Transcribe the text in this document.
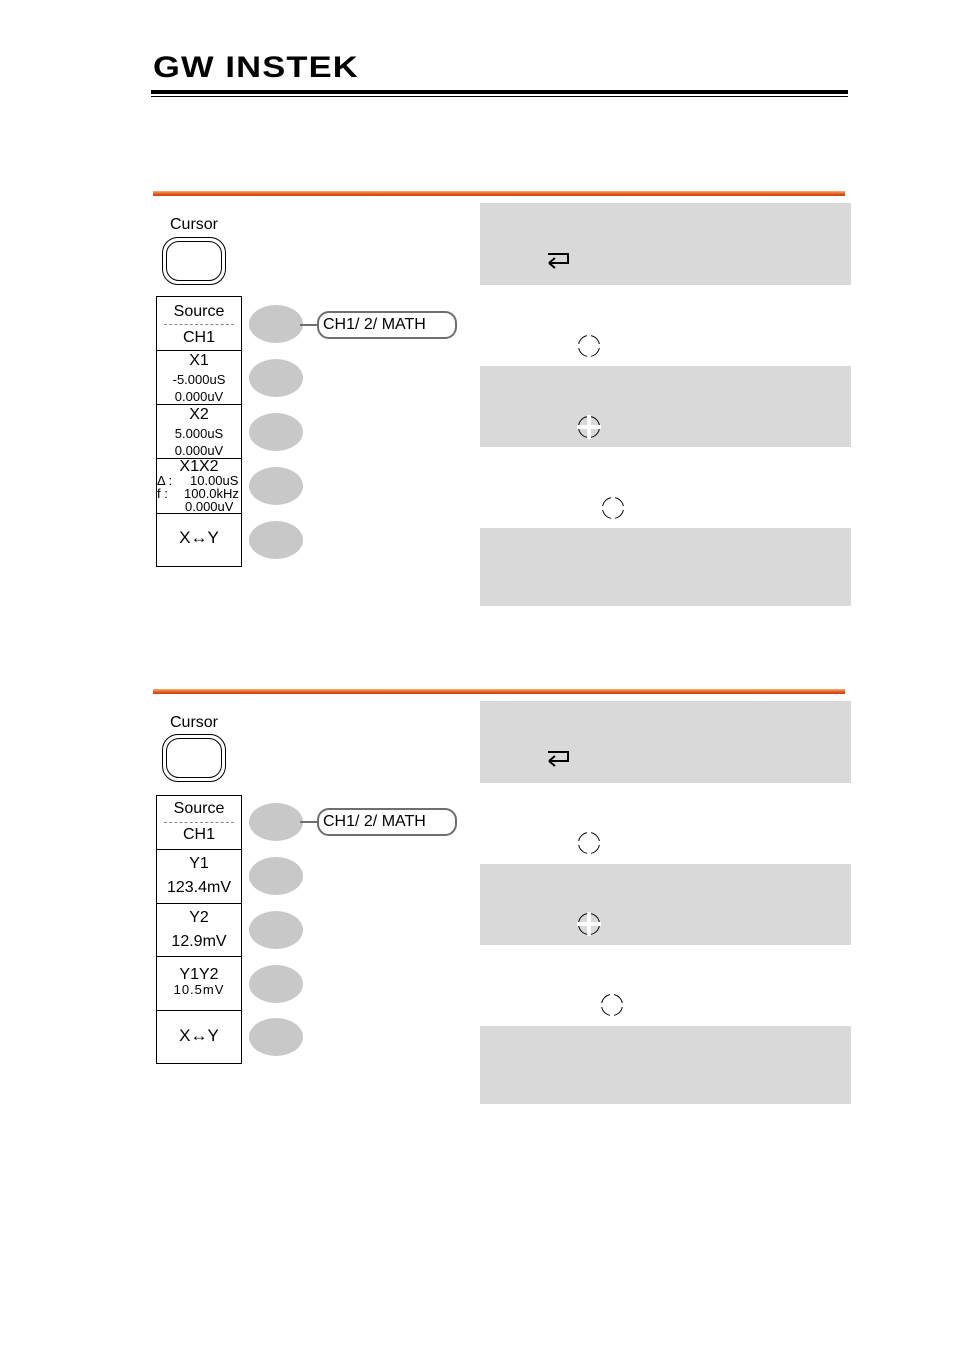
GW INSTEK
Cursor
Source
CH1
X1
-5.000uS
0.000uV
X2
5.000uS
0.000uV
X1X2
Δ : 10.00uS
f : 100.0kHz
0.000uV
X↔Y
CH1/ 2/ MATH
Cursor
Source
CH1
Y1
123.4mV
Y2
12.9mV
Y1Y2
10.5mV
X↔Y
CH1/ 2/ MATH
